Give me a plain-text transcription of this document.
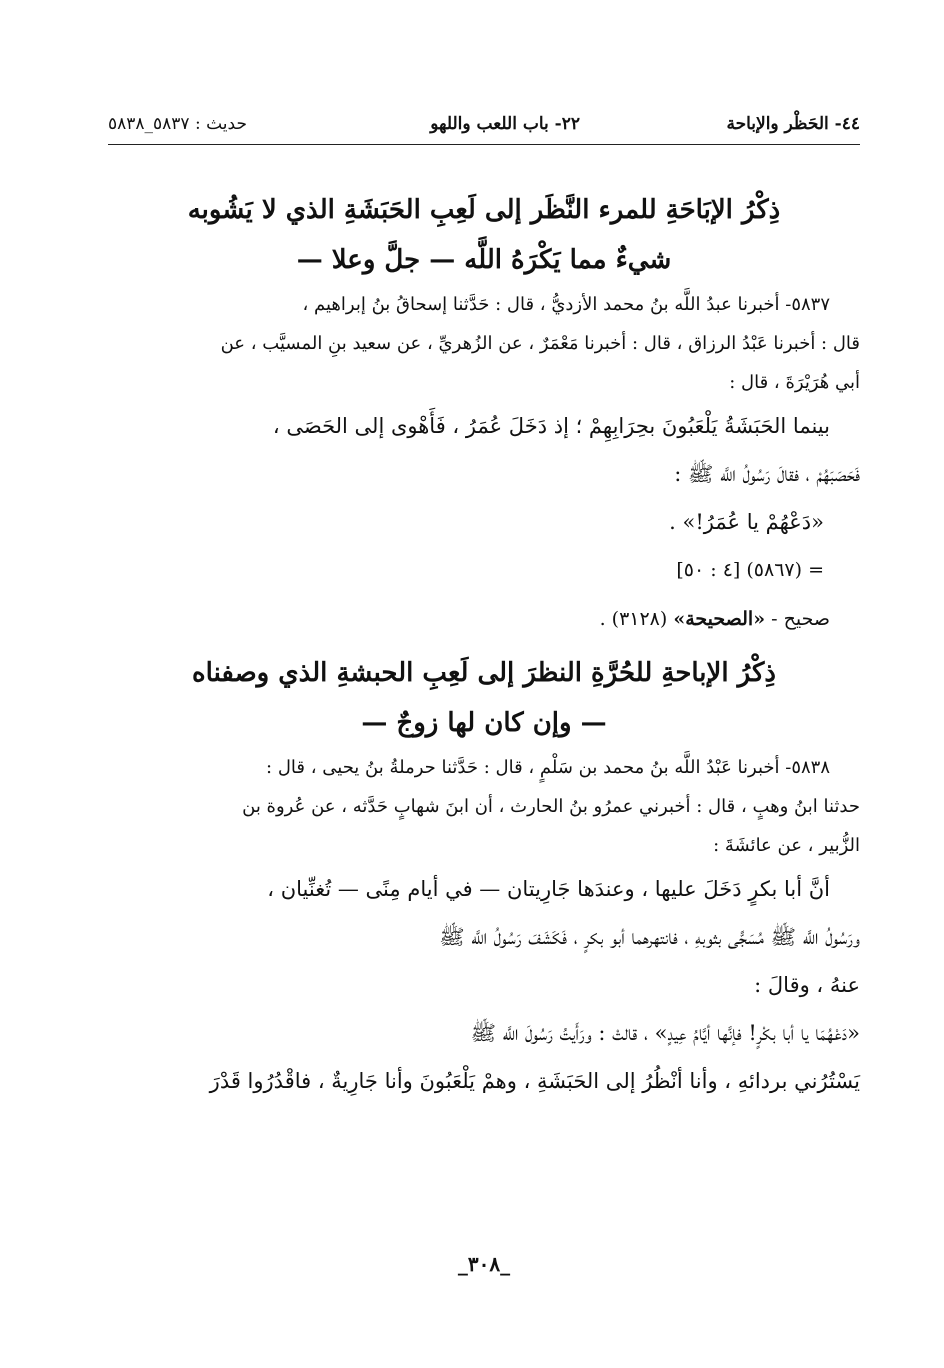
٤٤- الحَظْر والإباحة
٢٢- باب اللعب واللهو
حديث : ٥٨٣٧_٥٨٣٨

ذِكْرُ الإبَاحَةِ للمرء النَّظَر إلى لَعِبِ الحَبَشَةِ الذي لا يَشُوبه

شيءٌ مما يَكْرَهُ اللَّه — جلَّ وعلا —

٥٨٣٧- أخبرنا عبدُ اللَّه بنُ محمد الأزديُّ ، قال : حَدَّثنا إسحاقُ بنُ إبراهيم ،

قال : أخبرنا عَبْدُ الرزاق ، قال : أخبرنا مَعْمَرٌ ، عن الزُهريِّ ، عن سعيد بنِ المسيَّب ، عن

أبي هُرَيْرَةَ ، قال :

بينما الحَبَشَةُ يَلْعَبُونَ بحِرَابِهِمْ ؛ إذ دَخَلَ عُمَرُ ، فَأَهْوى إلى الحَصَى ،

فَحَصَبَهُمْ ، فقالَ رَسُولُ اللَّه ﷺ :

«دَعْهُمْ يا عُمَرُ!» .

= (٥٨٦٧) [٤ : ٥٠]

صحيح - «الصحيحة» (٣١٢٨) .

ذِكْرُ الإباحةِ للحُرَّةِ النظرَ إلى لَعِبِ الحبشةِ الذي وصفناه

— وإن كان لها زوجٌ —

٥٨٣٨- أخبرنا عَبْدُ اللَّه بنُ محمد بن سَلْمٍ ، قال : حَدَّثنا حرملةُ بنُ يحيى ، قال :

حدثنا ابنُ وهبٍ ، قال : أخبرني عمرُو بنُ الحارث ، أن ابنَ شهابٍ حَدَّثه ، عن عُروة بن

الزُّبير ، عن عائشَةَ :

أنَّ أبا بكرٍ دَخَلَ عليها ، وعندَها جَارِيتان — في أيام مِنًى — تُغنِّيان ،

ورَسُولُ اللَّه ﷺ مُسَجًّى بثوبهِ ، فانتهرهما أبو بكرٍ ، فَكَشَفَ رَسُولُ اللَّه ﷺ

عنهُ ، وقالَ :

«دَعْهُمَا يا أبا بكْرٍ! فإنَّها أيَّامُ عِيدٍ» ، قالتْ : ورَأَيتُ رَسُولَ اللَّه ﷺ

يَسْتُرُني بردائهِ ، وأنا أنْظُرُ إلى الحَبَشَةِ ، وهمْ يَلْعَبُونَ وأنا جَارِيةٌ ، فاقْدُرُوا قَدْرَ

_٣٠٨_
